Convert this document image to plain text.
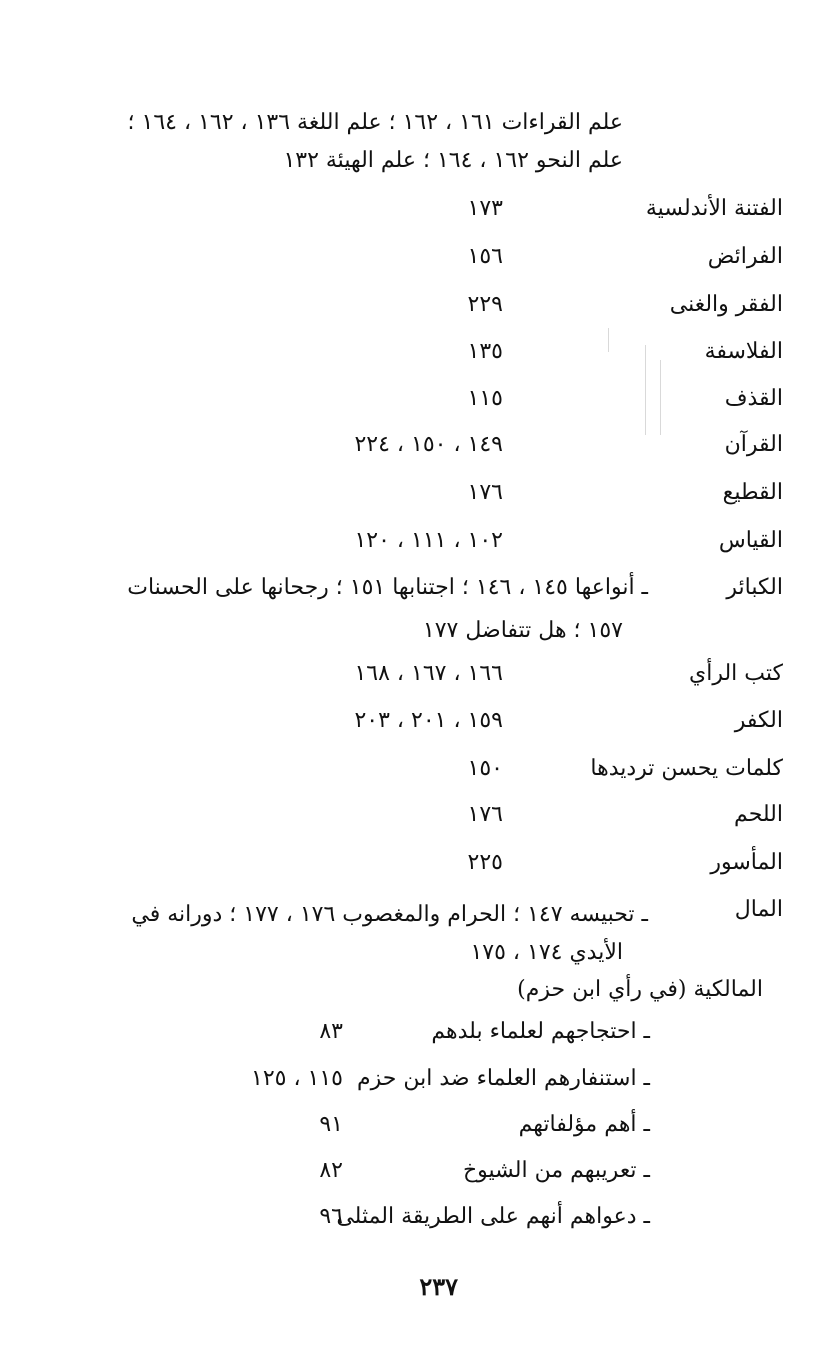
علم القراءات ١٦١ ، ١٦٢ ؛ علم اللغة ١٣٦ ، ١٦٢ ، ١٦٤ ؛
علم النحو ١٦٢ ، ١٦٤ ؛ علم الهيئة ١٣٢
الفتنة الأندلسية
١٧٣
الفرائض
١٥٦
الفقر والغنى
٢٢٩
الفلاسفة
١٣٥
القذف
١١٥
القرآن
١٤٩ ، ١٥٠ ، ٢٢٤
القطيع
١٧٦
القياس
١٠٢ ، ١١١ ، ١٢٠
الكبائر
ـ أنواعها ١٤٥ ، ١٤٦ ؛ اجتنابها ١٥١ ؛ رجحانها على الحسنات
١٥٧ ؛ هل تتفاضل ١٧٧
كتب الرأي
١٦٦ ، ١٦٧ ، ١٦٨
الكفر
١٥٩ ، ٢٠١ ، ٢٠٣
كلمات يحسن ترديدها
١٥٠
اللحم
١٧٦
المأسور
٢٢٥
المال
ـ تحبيسه ١٤٧ ؛ الحرام والمغصوب ١٧٦ ، ١٧٧ ؛ دورانه في
الأيدي ١٧٤ ، ١٧٥
المالكية (في رأي ابن حزم)
ـ احتجاجهم لعلماء بلدهم
٨٣
ـ استنفارهم العلماء ضد ابن حزم
١١٥ ، ١٢٥
ـ أهم مؤلفاتهم
٩١
ـ تعريبهم من الشيوخ
٨٢
ـ دعواهم أنهم على الطريقة المثلى
٩٦
٢٣٧
